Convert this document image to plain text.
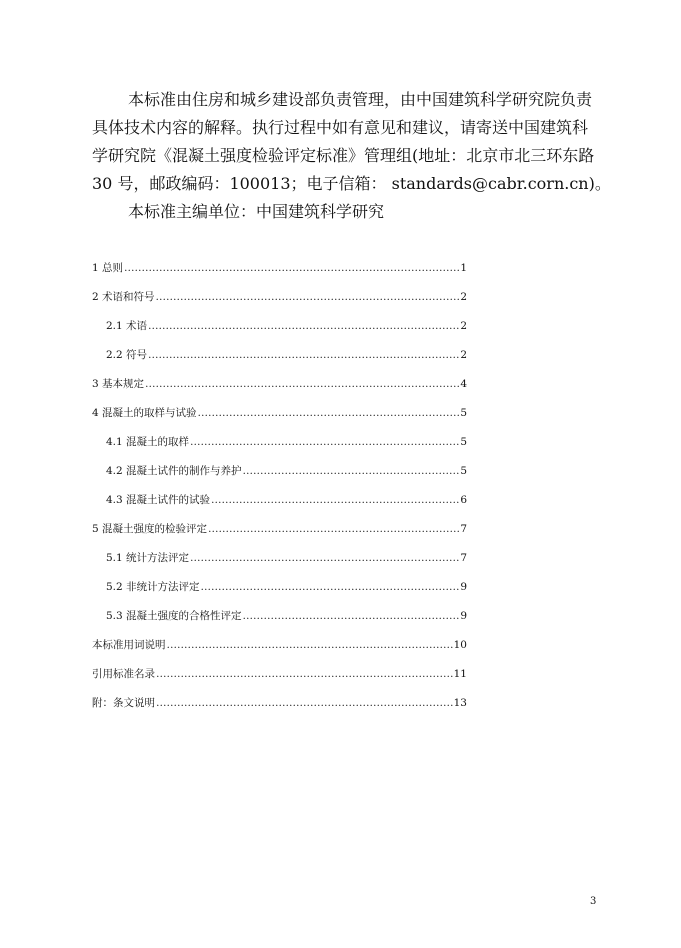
本标准由住房和城乡建设部负责管理，由中国建筑科学研究院负责
具体技术内容的解释。执行过程中如有意见和建议，请寄送中国建筑科
学研究院《混凝土强度检验评定标准》管理组(地址：北京市北三环东路
30 号，邮政编码：100013；电子信箱： standards@cabr.corn.cn)。
本标准主编单位：中国建筑科学研究
1 总则 ……………………………………………………………………………………………………………………………………	1
2 术语和符号 ……………………………………………………………………………………………………………………………………	2
2.1 术语 ……………………………………………………………………………………………………………………………………	2
2.2 符号 ……………………………………………………………………………………………………………………………………	2
3 基本规定 ……………………………………………………………………………………………………………………………………	4
4 混凝土的取样与试验 ……………………………………………………………………………………………………………………………………	5
4.1 混凝土的取样 ……………………………………………………………………………………………………………………………………	5
4.2 混凝土试件的制作与养护 ……………………………………………………………………………………………………………………………………	5
4.3 混凝土试件的试验 ……………………………………………………………………………………………………………………………………	6
5 混凝土强度的检验评定 ……………………………………………………………………………………………………………………………………	7
5.1 统计方法评定 ……………………………………………………………………………………………………………………………………	7
5.2 非统计方法评定 ……………………………………………………………………………………………………………………………………	9
5.3 混凝土强度的合格性评定 ……………………………………………………………………………………………………………………………………	9
本标准用词说明 ……………………………………………………………………………………………………………………………………	10
引用标准名录 ……………………………………………………………………………………………………………………………………	11
附：条文说明 ……………………………………………………………………………………………………………………………………	13
3
